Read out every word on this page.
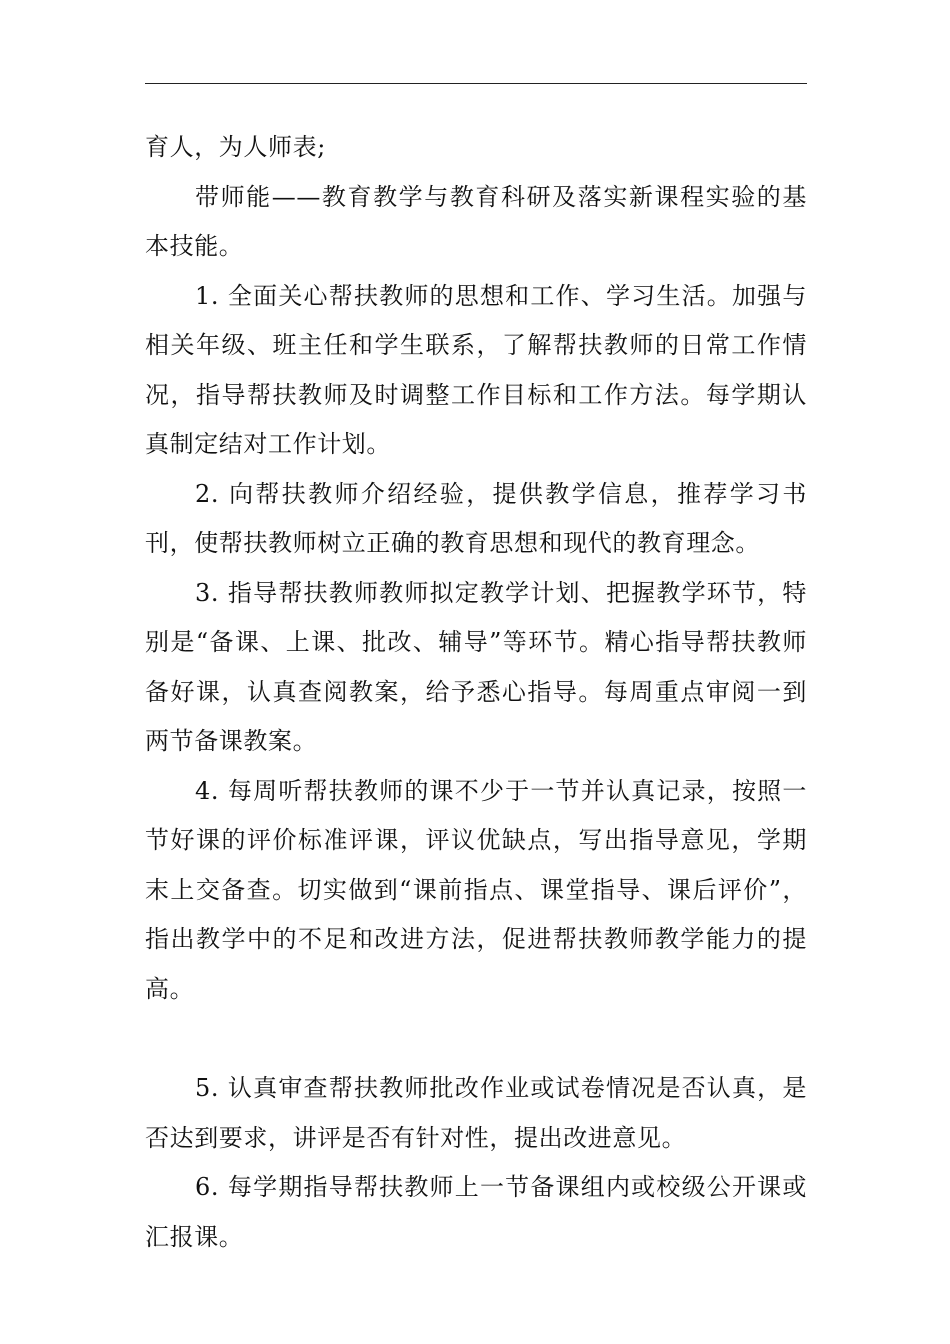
育人，为人师表;

带师能——教育教学与教育科研及落实新课程实验的基本技能。

1. 全面关心帮扶教师的思想和工作、学习生活。加强与相关年级、班主任和学生联系，了解帮扶教师的日常工作情况，指导帮扶教师及时调整工作目标和工作方法。每学期认真制定结对工作计划。

2. 向帮扶教师介绍经验，提供教学信息，推荐学习书刊，使帮扶教师树立正确的教育思想和现代的教育理念。

3. 指导帮扶教师教师拟定教学计划、把握教学环节，特别是“备课、上课、批改、辅导”等环节。精心指导帮扶教师备好课，认真查阅教案，给予悉心指导。每周重点审阅一到两节备课教案。

4. 每周听帮扶教师的课不少于一节并认真记录，按照一节好课的评价标准评课，评议优缺点，写出指导意见，学期末上交备查。切实做到“课前指点、课堂指导、课后评价”，指出教学中的不足和改进方法，促进帮扶教师教学能力的提高。

5. 认真审查帮扶教师批改作业或试卷情况是否认真，是否达到要求，讲评是否有针对性，提出改进意见。

6. 每学期指导帮扶教师上一节备课组内或校级公开课或汇报课。
